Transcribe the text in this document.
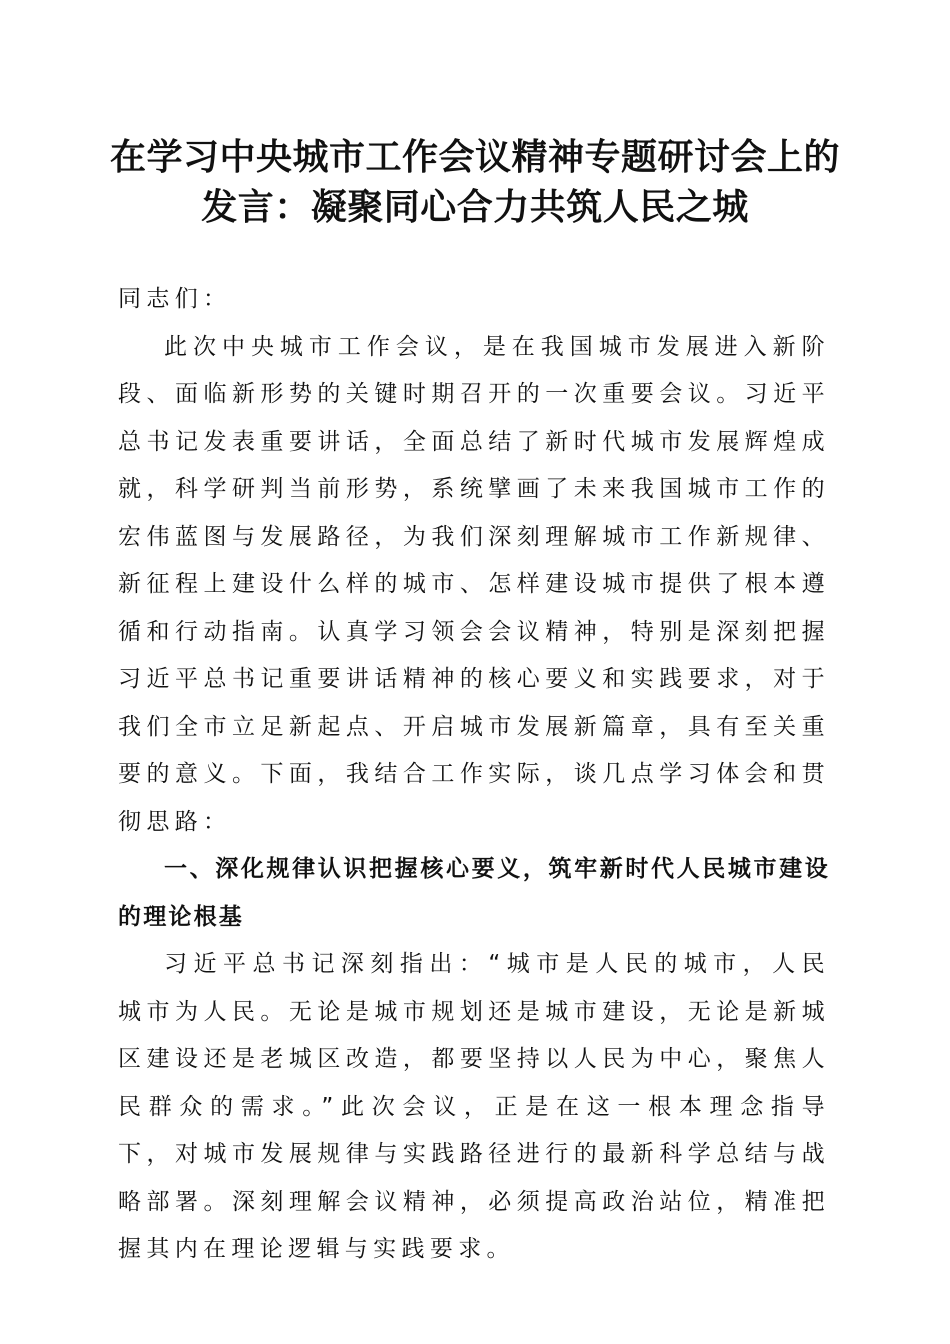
在学习中央城市工作会议精神专题研讨会上的
发言：凝聚同心合力共筑人民之城

同志们：

此次中央城市工作会议，是在我国城市发展进入新阶段、面临新形势的关键时期召开的一次重要会议。习近平总书记发表重要讲话，全面总结了新时代城市发展辉煌成就，科学研判当前形势，系统擘画了未来我国城市工作的宏伟蓝图与发展路径，为我们深刻理解城市工作新规律、新征程上建设什么样的城市、怎样建设城市提供了根本遵循和行动指南。认真学习领会会议精神，特别是深刻把握习近平总书记重要讲话精神的核心要义和实践要求，对于我们全市立足新起点、开启城市发展新篇章，具有至关重要的意义。下面，我结合工作实际，谈几点学习体会和贯彻思路：

一、深化规律认识把握核心要义，筑牢新时代人民城市建设的理论根基

习近平总书记深刻指出：“城市是人民的城市，人民城市为人民。无论是城市规划还是城市建设，无论是新城区建设还是老城区改造，都要坚持以人民为中心，聚焦人民群众的需求。”此次会议，正是在这一根本理念指导下，对城市发展规律与实践路径进行的最新科学总结与战略部署。深刻理解会议精神，必须提高政治站位，精准把握其内在理论逻辑与实践要求。
